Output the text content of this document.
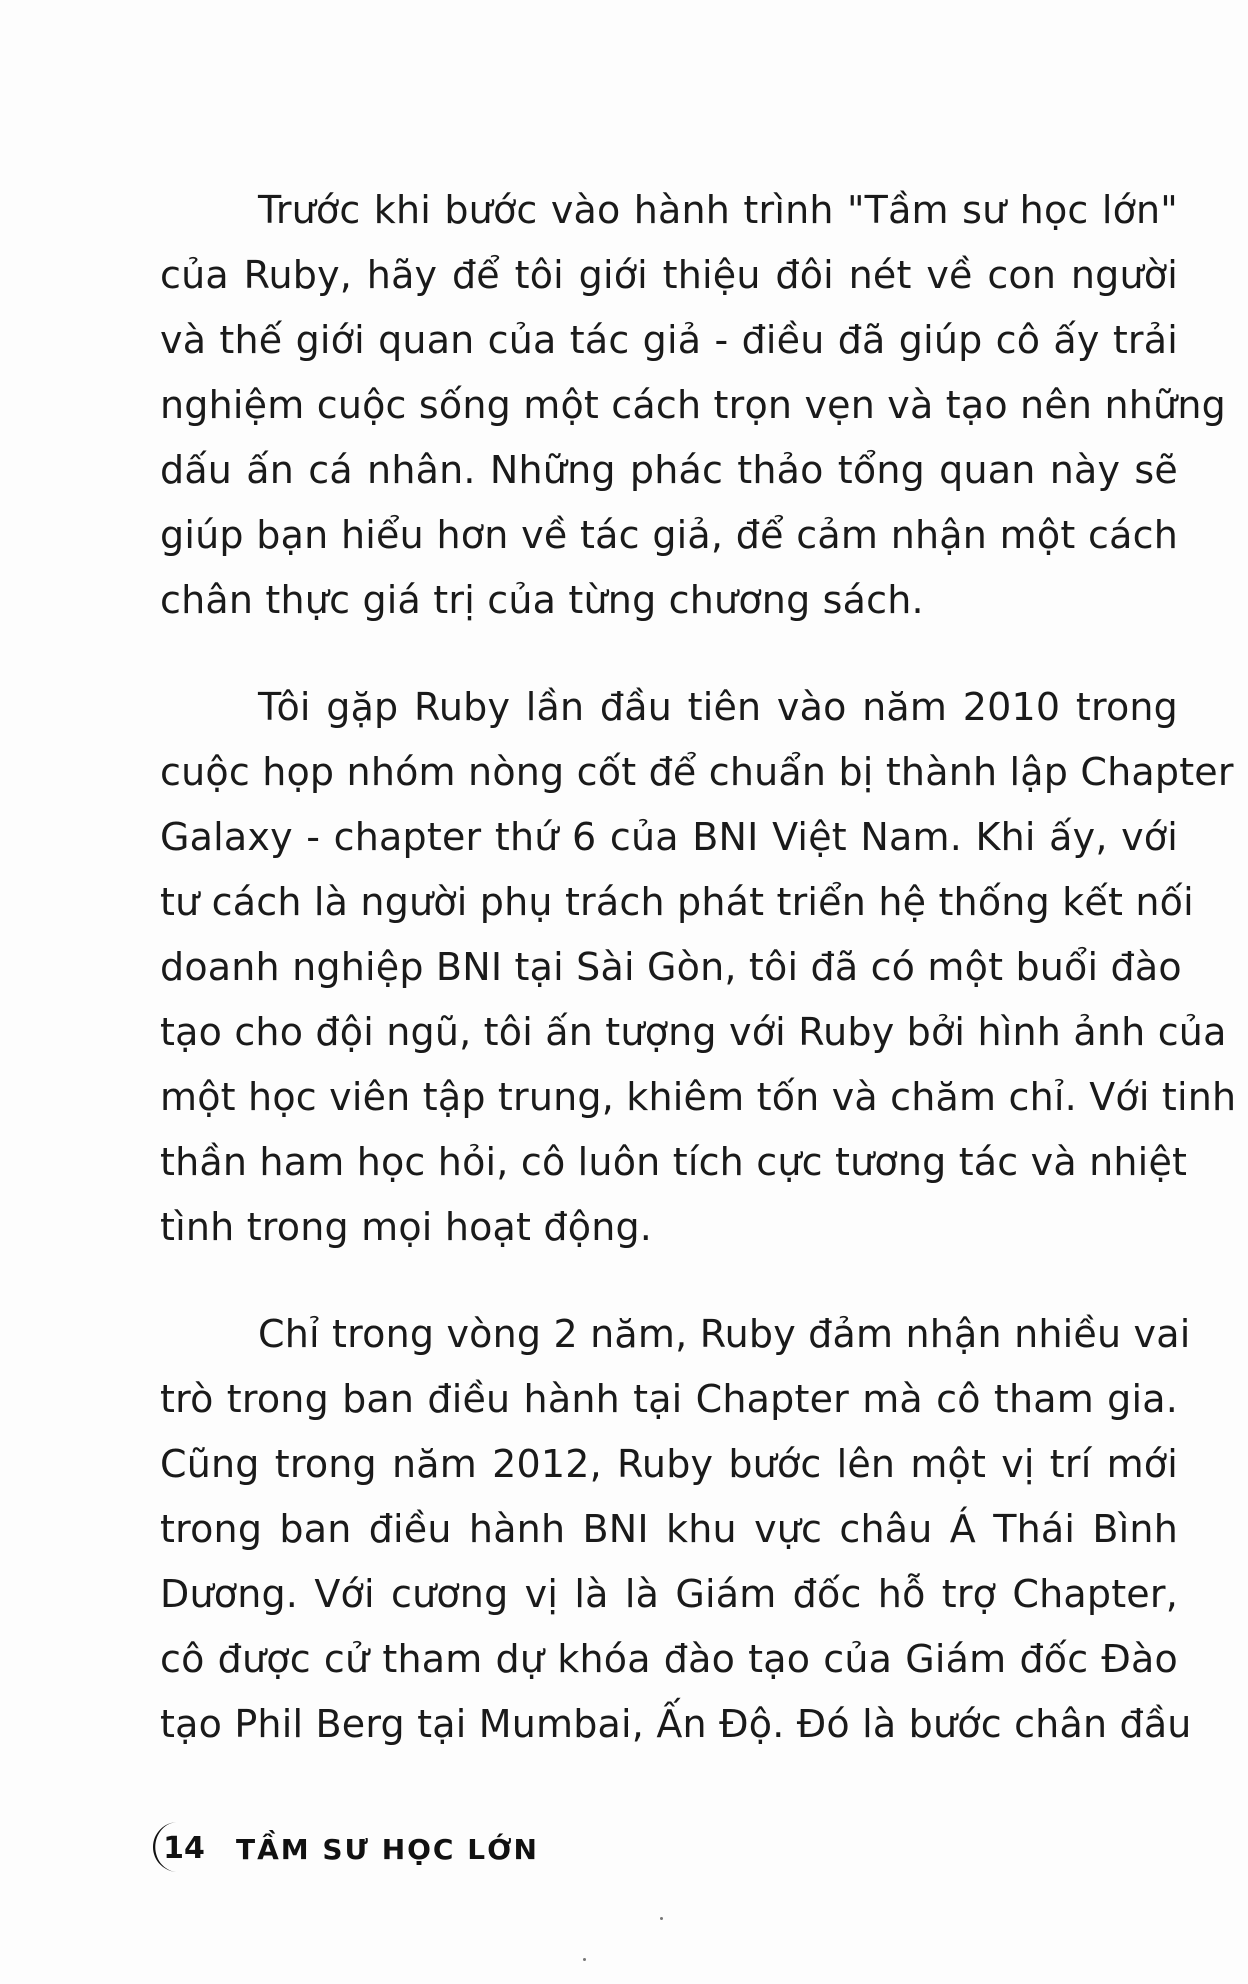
Trước khi bước vào hành trình "Tầm sư học lớn"
của Ruby, hãy để tôi giới thiệu đôi nét về con người
và thế giới quan của tác giả - điều đã giúp cô ấy trải
nghiệm cuộc sống một cách trọn vẹn và tạo nên những
dấu ấn cá nhân. Những phác thảo tổng quan này sẽ
giúp bạn hiểu hơn về tác giả, để cảm nhận một cách
chân thực giá trị của từng chương sách.
Tôi gặp Ruby lần đầu tiên vào năm 2010 trong
cuộc họp nhóm nòng cốt để chuẩn bị thành lập Chapter
Galaxy - chapter thứ 6 của BNI Việt Nam. Khi ấy, với
tư cách là người phụ trách phát triển hệ thống kết nối
doanh nghiệp BNI tại Sài Gòn, tôi đã có một buổi đào
tạo cho đội ngũ, tôi ấn tượng với Ruby bởi hình ảnh của
một học viên tập trung, khiêm tốn và chăm chỉ. Với tinh
thần ham học hỏi, cô luôn tích cực tương tác và nhiệt
tình trong mọi hoạt động.
Chỉ trong vòng 2 năm, Ruby đảm nhận nhiều vai
trò trong ban điều hành tại Chapter mà cô tham gia.
Cũng trong năm 2012, Ruby bước lên một vị trí mới
trong ban điều hành BNI khu vực châu Á Thái Bình
Dương. Với cương vị là là Giám đốc hỗ trợ Chapter,
cô được cử tham dự khóa đào tạo của Giám đốc Đào
tạo Phil Berg tại Mumbai, Ấn Độ. Đó là bước chân đầu
14 TẦM SƯ HỌC LỚN
